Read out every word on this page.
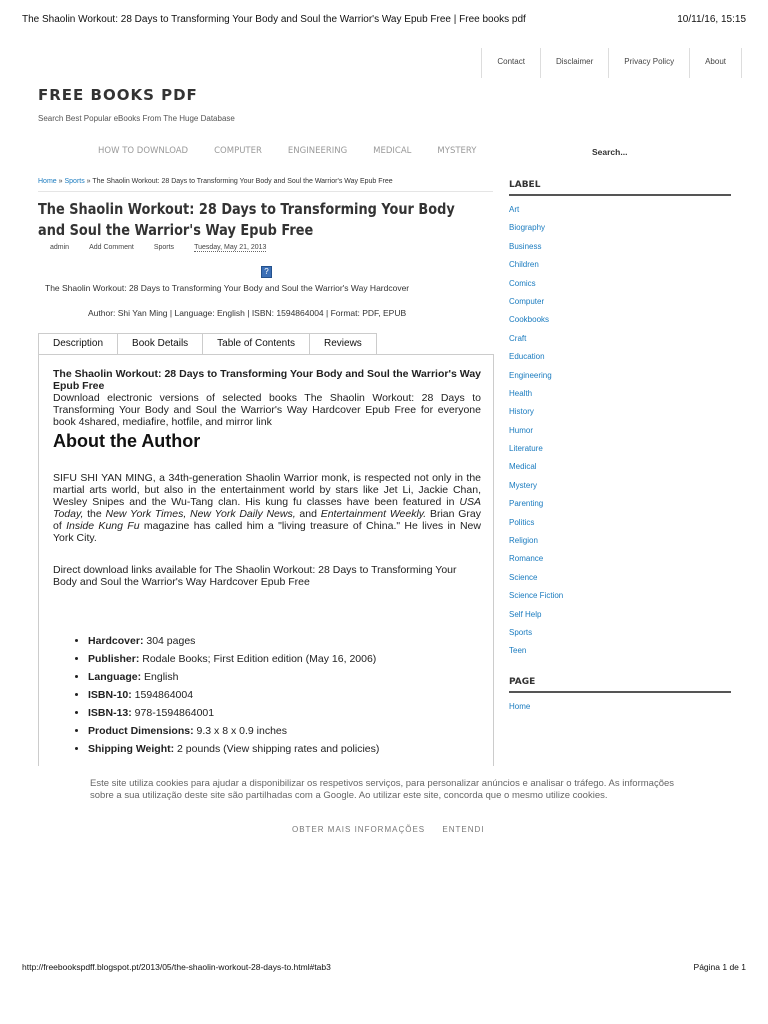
The Shaolin Workout: 28 Days to Transforming Your Body and Soul the Warrior's Way Epub Free | Free books pdf	10/11/16, 15:15
Contact	Disclaimer	Privacy Policy	About
FREE BOOKS PDF
Search Best Popular eBooks From The Huge Database
HOW TO DOWNLOAD	COMPUTER	ENGINEERING	MEDICAL	MYSTERY	Search...
Home » Sports » The Shaolin Workout: 28 Days to Transforming Your Body and Soul the Warrior's Way Epub Free
The Shaolin Workout: 28 Days to Transforming Your Body and Soul the Warrior's Way Epub Free
admin	Add Comment	Sports	Tuesday, May 21, 2013
?
The Shaolin Workout: 28 Days to Transforming Your Body and Soul the Warrior's Way Hardcover
Author: Shi Yan Ming | Language: English | ISBN: 1594864004 | Format: PDF, EPUB
Description	Book Details	Table of Contents	Reviews
The Shaolin Workout: 28 Days to Transforming Your Body and Soul the Warrior's Way Epub Free
Download electronic versions of selected books The Shaolin Workout: 28 Days to Transforming Your Body and Soul the Warrior's Way Hardcover Epub Free for everyone book 4shared, mediafire, hotfile, and mirror link
About the Author

SIFU SHI YAN MING, a 34th-generation Shaolin Warrior monk, is respected not only in the martial arts world, but also in the entertainment world by stars like Jet Li, Jackie Chan, Wesley Snipes and the Wu-Tang clan. His kung fu classes have been featured in USA Today, the New York Times, New York Daily News, and Entertainment Weekly. Brian Gray of Inside Kung Fu magazine has called him a "living treasure of China." He lives in New York City.

Direct download links available for The Shaolin Workout: 28 Days to Transforming Your Body and Soul the Warrior's Way Hardcover Epub Free

• Hardcover: 304 pages
• Publisher: Rodale Books; First Edition edition (May 16, 2006)
• Language: English
• ISBN-10: 1594864004
• ISBN-13: 978-1594864001
• Product Dimensions: 9.3 x 8 x 0.9 inches
• Shipping Weight: 2 pounds (View shipping rates and policies)
LABEL
Art
Biography
Business
Children
Comics
Computer
Cookbooks
Craft
Education
Engineering
Health
History
Humor
Literature
Medical
Mystery
Parenting
Politics
Religion
Romance
Science
Science Fiction
Self Help
Sports
Teen
PAGE
Home
Este site utiliza cookies para ajudar a disponibilizar os respetivos serviços, para personalizar anúncios e analisar o tráfego. As informações sobre a sua utilização deste site são partilhadas com a Google. Ao utilizar este site, concorda que o mesmo utilize cookies.
OBTER MAIS INFORMAÇÕES ENTENDI
http://freebookspdff.blogspot.pt/2013/05/the-shaolin-workout-28-days-to.html#tab3	Página 1 de 1
